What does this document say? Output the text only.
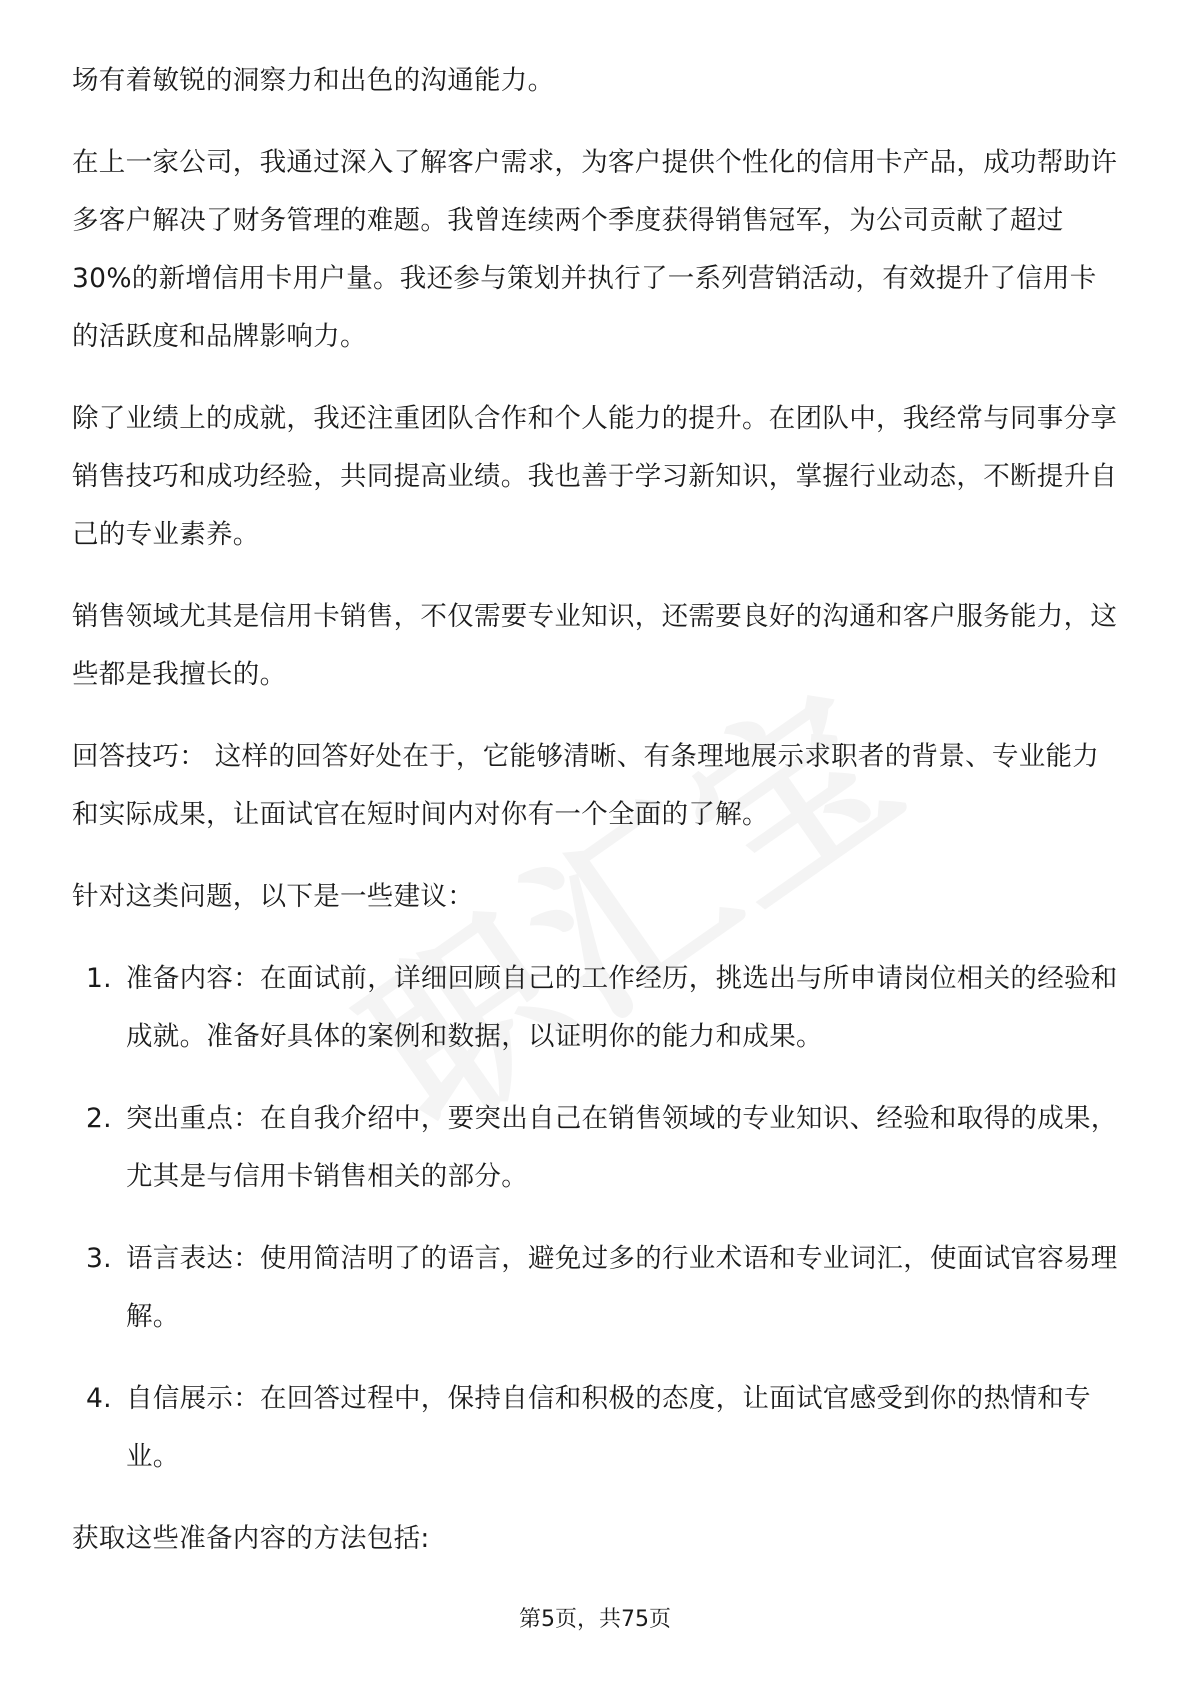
场有着敏锐的洞察力和出色的沟通能力。

在上一家公司，我通过深入了解客户需求，为客户提供个性化的信用卡产品，成功帮助许多客户解决了财务管理的难题。我曾连续两个季度获得销售冠军，为公司贡献了超过30%的新增信用卡用户量。我还参与策划并执行了一系列营销活动，有效提升了信用卡的活跃度和品牌影响力。

除了业绩上的成就，我还注重团队合作和个人能力的提升。在团队中，我经常与同事分享销售技巧和成功经验，共同提高业绩。我也善于学习新知识，掌握行业动态，不断提升自己的专业素养。

销售领域尤其是信用卡销售，不仅需要专业知识，还需要良好的沟通和客户服务能力，这些都是我擅长的。

回答技巧： 这样的回答好处在于，它能够清晰、有条理地展示求职者的背景、专业能力和实际成果，让面试官在短时间内对你有一个全面的了解。

针对这类问题，以下是一些建议：

1. 准备内容：在面试前，详细回顾自己的工作经历，挑选出与所申请岗位相关的经验和成就。准备好具体的案例和数据，以证明你的能力和成果。
2. 突出重点：在自我介绍中，要突出自己在销售领域的专业知识、经验和取得的成果，尤其是与信用卡销售相关的部分。
3. 语言表达：使用简洁明了的语言，避免过多的行业术语和专业词汇，使面试官容易理解。
4. 自信展示：在回答过程中，保持自信和积极的态度，让面试官感受到你的热情和专业。

获取这些准备内容的方法包括:

第5页，共75页
